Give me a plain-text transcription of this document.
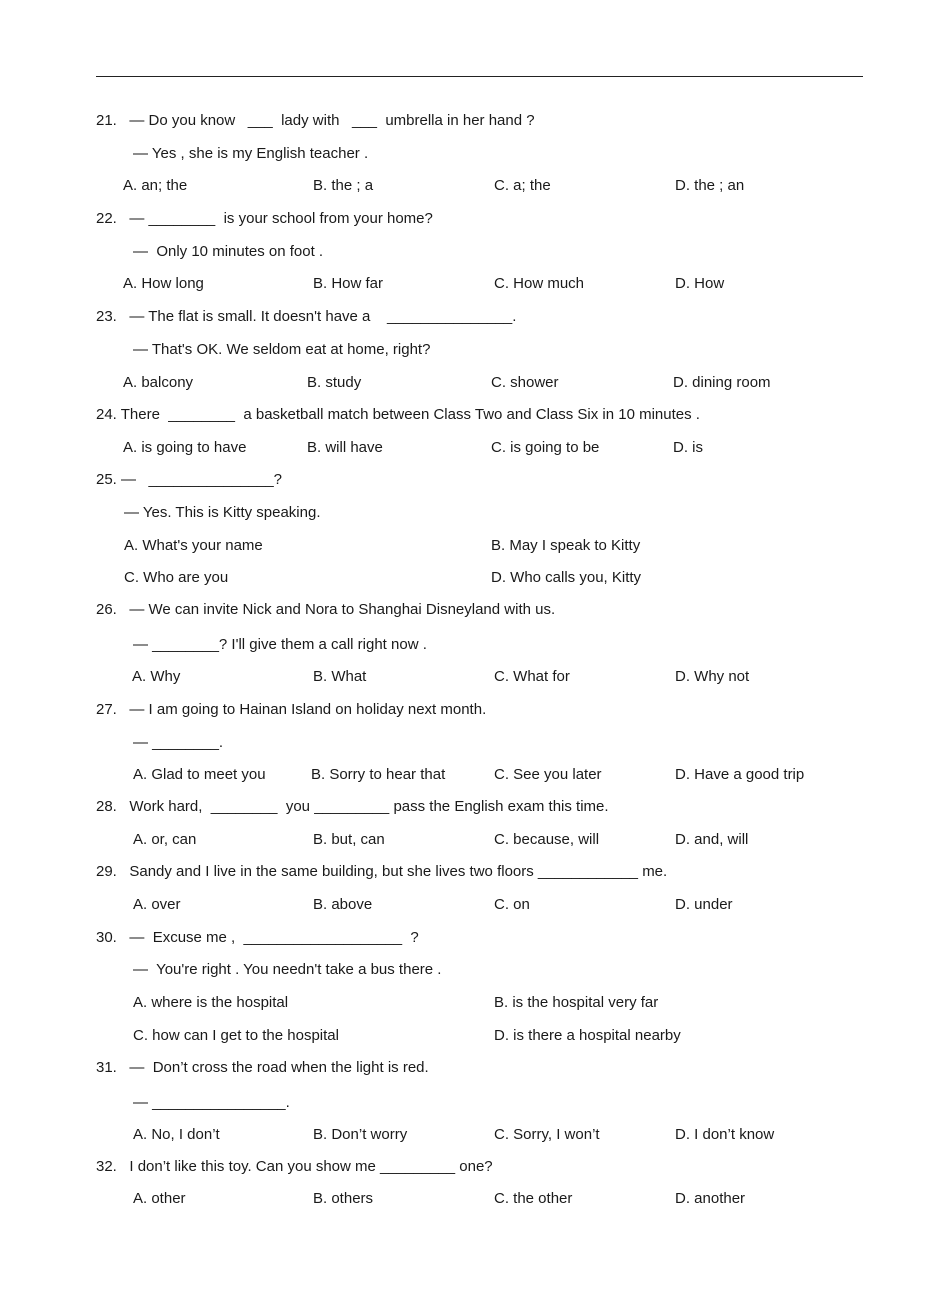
21.   — Do you know   ___  lady with   ___  umbrella in her hand ?
— Yes , she is my English teacher .
A. an; the	B. the ; a	C. a; the	D. the ; an
22.   — ________  is your school from your home?
—  Only 10 minutes on foot .
A. How long	B. How far	C. How much	D. How
23.   — The flat is small. It doesn't have a    _______________.
— That's OK. We seldom eat at home, right?
A. balcony	B. study	C. shower	D. dining room
24. There  ________  a basketball match between Class Two and Class Six in 10 minutes .
A. is going to have	B. will have	C. is going to be	D. is
25. —   _______________?
— Yes. This is Kitty speaking.
A. What's your name	B. May I speak to Kitty
C. Who are you	D. Who calls you, Kitty
26.   — We can invite Nick and Nora to Shanghai Disneyland with us.
— ________? I'll give them a call right now .
A. Why	B. What	C. What for	D. Why not
27.   — I am going to Hainan Island on holiday next month.
— ________.
A. Glad to meet you	B. Sorry to hear that	C. See you later	D. Have a good trip
28.   Work hard,  ________  you _________ pass the English exam this time.
A. or, can	B. but, can	C. because, will	D. and, will
29.   Sandy and I live in the same building, but she lives two floors ____________ me.
A. over	B. above	C. on	D. under
30.   —  Excuse me ,  ___________________  ?
—  You're right . You needn't take a bus there .
A. where is the hospital	B. is the hospital very far
C. how can I get to the hospital	D. is there a hospital nearby
31.   —  Don’t cross the road when the light is red.
— ________________.
A. No, I don’t	B. Don’t worry	C. Sorry, I won’t	D. I don’t know
32.   I don’t like this toy. Can you show me _________ one?
A. other	B. others	C. the other	D. another
